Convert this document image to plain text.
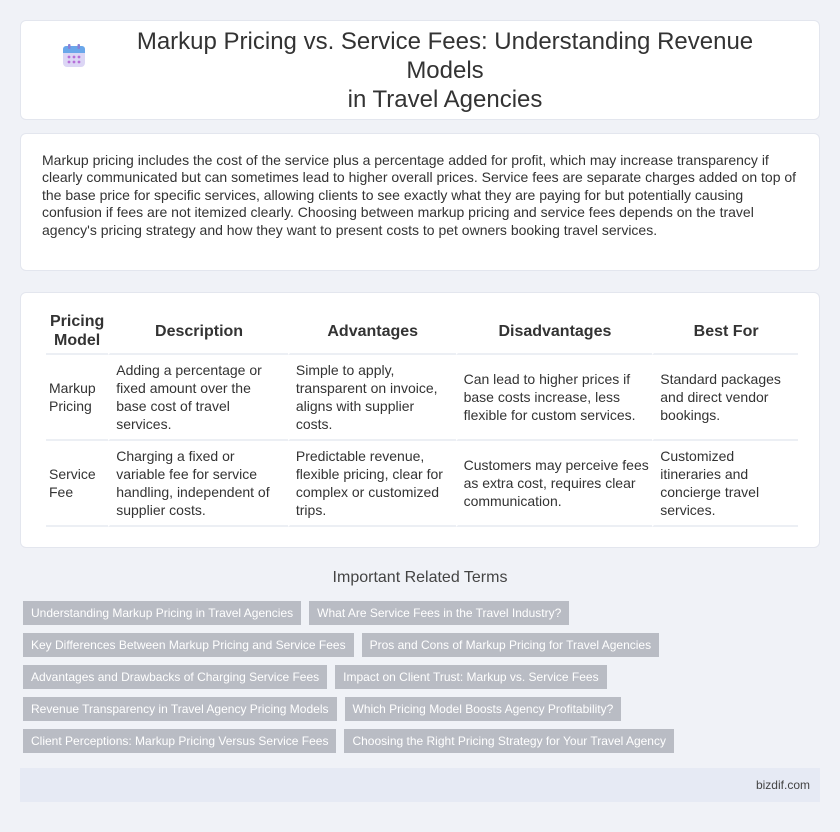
Markup Pricing vs. Service Fees: Understanding Revenue Models
in Travel Agencies

Markup pricing includes the cost of the service plus a percentage added for profit, which may increase transparency if clearly communicated but can sometimes lead to higher overall prices. Service fees are separate charges added on top of the base price for specific services, allowing clients to see exactly what they are paying for but potentially causing confusion if fees are not itemized clearly. Choosing between markup pricing and service fees depends on the travel agency's pricing strategy and how they want to present costs to pet owners booking travel services.

Pricing Model	Description	Advantages	Disadvantages	Best For
Markup Pricing	Adding a percentage or fixed amount over the base cost of travel services.	Simple to apply, transparent on invoice, aligns with supplier costs.	Can lead to higher prices if base costs increase, less flexible for custom services.	Standard packages and direct vendor bookings.
Service Fee	Charging a fixed or variable fee for service handling, independent of supplier costs.	Predictable revenue, flexible pricing, clear for complex or customized trips.	Customers may perceive fees as extra cost, requires clear communication.	Customized itineraries and concierge travel services.
Important Related Terms
Understanding Markup Pricing in Travel Agencies	What Are Service Fees in the Travel Industry?
Key Differences Between Markup Pricing and Service Fees	Pros and Cons of Markup Pricing for Travel Agencies
Advantages and Drawbacks of Charging Service Fees	Impact on Client Trust: Markup vs. Service Fees
Revenue Transparency in Travel Agency Pricing Models	Which Pricing Model Boosts Agency Profitability?
Client Perceptions: Markup Pricing Versus Service Fees	Choosing the Right Pricing Strategy for Your Travel Agency
bizdif.com
